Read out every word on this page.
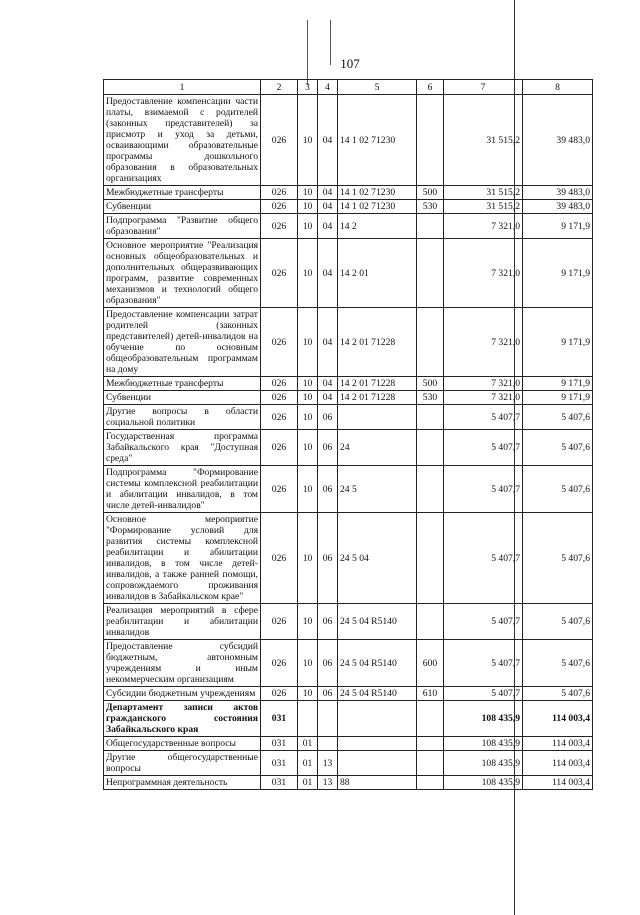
107
1	2	3	4	5	6	7	8
Предоставление компенсации части платы, взимаемой с родителей (законных представителей) за присмотр и уход за детьми, осваивающими образовательные программы дошкольного образования в образовательных организациях	026	10	04	14 1 02 71230		31 515,2	39 483,0
Межбюджетные трансферты	026	10	04	14 1 02 71230	500	31 515,2	39 483,0
Субвенции	026	10	04	14 1 02 71230	530	31 515,2	39 483,0
Подпрограмма "Развитие общего образования"	026	10	04	14 2		7 321,0	9 171,9
Основное мероприятие "Реализация основных общеобразовательных и дополнительных общеразвивающих программ, развитие современных механизмов и технологий общего образования"	026	10	04	14 2 01		7 321,0	9 171,9
Предоставление компенсации затрат родителей (законных представителей) детей-инвалидов на обучение по основным общеобразовательным программам на дому	026	10	04	14 2 01 71228		7 321,0	9 171,9
Межбюджетные трансферты	026	10	04	14 2 01 71228	500	7 321,0	9 171,9
Субвенции	026	10	04	14 2 01 71228	530	7 321,0	9 171,9
Другие вопросы в области социальной политики	026	10	06			5 407,7	5 407,6
Государственная программа Забайкальского края "Доступная среда"	026	10	06	24		5 407,7	5 407,6
Подпрограмма "Формирование системы комплексной реабилитации и абилитации инвалидов, в том числе детей-инвалидов"	026	10	06	24 5		5 407,7	5 407,6
Основное мероприятие "Формирование условий для развития системы комплексной реабилитации и абилитации инвалидов, в том числе детей-инвалидов, а также ранней помощи, сопровождаемого проживания инвалидов в Забайкальском крае"	026	10	06	24 5 04		5 407,7	5 407,6
Реализация мероприятий в сфере реабилитации и абилитации инвалидов	026	10	06	24 5 04 R5140		5 407,7	5 407,6
Предоставление субсидий бюджетным, автономным учреждениям и иным некоммерческим организациям	026	10	06	24 5 04 R5140	600	5 407,7	5 407,6
Субсидии бюджетным учреждениям	026	10	06	24 5 04 R5140	610	5 407,7	5 407,6
Департамент записи актов гражданского состояния Забайкальского края	031					108 435,9	114 003,4
Общегосударственные вопросы	031	01				108 435,9	114 003,4
Другие общегосударственные вопросы	031	01	13			108 435,9	114 003,4
Непрограммная деятельность	031	01	13	88		108 435,9	114 003,4
